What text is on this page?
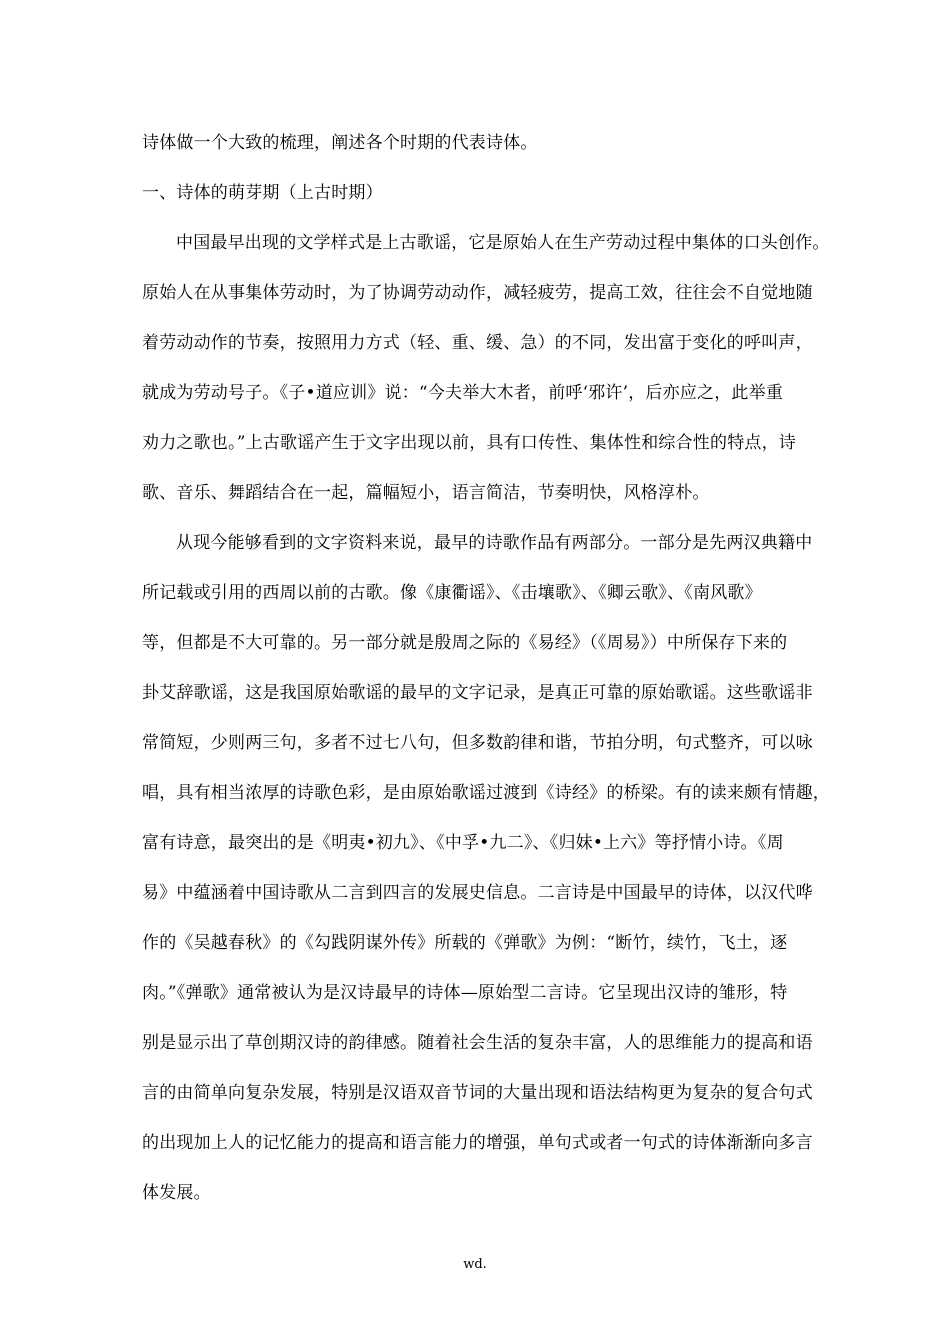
诗体做一个大致的梳理，阐述各个时期的代表诗体。
一、诗体的萌芽期（上古时期）
中国最早出现的文学样式是上古歌谣，它是原始人在生产劳动过程中集体的口头创作。
原始人在从事集体劳动时，为了协调劳动动作，减轻疲劳，提高工效，往往会不自觉地随
着劳动动作的节奏，按照用力方式（轻、重、缓、急）的不同，发出富于变化的呼叫声，
就成为劳动号子。《子•道应训》说：“今夫举大木者，前呼‘邪许’，后亦应之，此举重
劝力之歌也。”上古歌谣产生于文字出现以前，具有口传性、集体性和综合性的特点，诗
歌、音乐、舞蹈结合在一起，篇幅短小，语言简洁，节奏明快，风格淳朴。
从现今能够看到的文字资料来说，最早的诗歌作品有两部分。一部分是先两汉典籍中
所记载或引用的西周以前的古歌。像《康衢谣》、《击壤歌》、《卿云歌》、《南风歌》
等，但都是不大可靠的。另一部分就是殷周之际的《易经》（《周易》）中所保存下来的
卦艾辞歌谣，这是我国原始歌谣的最早的文字记录，是真正可靠的原始歌谣。这些歌谣非
常简短，少则两三句，多者不过七八句，但多数韵律和谐，节拍分明，句式整齐，可以咏
唱，具有相当浓厚的诗歌色彩，是由原始歌谣过渡到《诗经》的桥梁。有的读来颇有情趣，
富有诗意，最突出的是《明夷•初九》、《中孚•九二》、《归妹•上六》等抒情小诗。《周
易》中蕴涵着中国诗歌从二言到四言的发展史信息。二言诗是中国最早的诗体，以汉代哗
作的《吴越春秋》的《勾践阴谋外传》所载的《弹歌》为例：“断竹，续竹，飞土，逐
肉。”《弹歌》通常被认为是汉诗最早的诗体—原始型二言诗。它呈现出汉诗的雏形，特
别是显示出了草创期汉诗的韵律感。随着社会生活的复杂丰富，人的思维能力的提高和语
言的由简单向复杂发展，特别是汉语双音节词的大量出现和语法结构更为复杂的复合句式
的出现加上人的记忆能力的提高和语言能力的增强，单句式或者一句式的诗体渐渐向多言
体发展。
wd.
